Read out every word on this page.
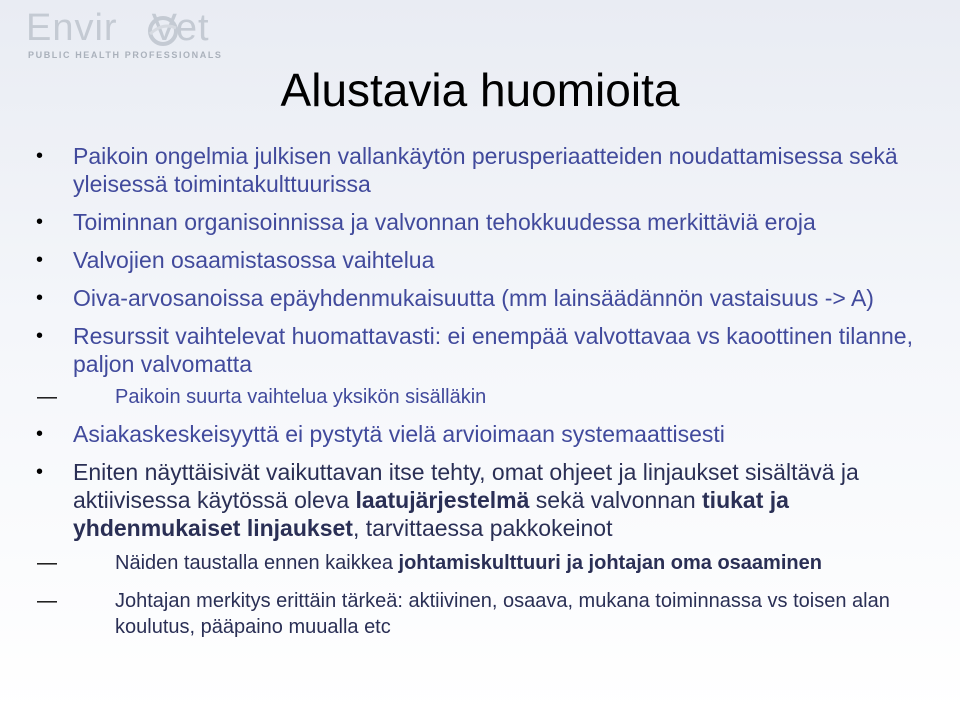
Envir Vet
PUBLIC HEALTH PROFESSIONALS
Alustavia huomioita
• Paikoin ongelmia julkisen vallankäytön perusperiaatteiden noudattamisessa sekä yleisessä toimintakulttuurissa
• Toiminnan organisoinnissa ja valvonnan tehokkuudessa merkittäviä eroja
• Valvojien osaamistasossa vaihtelua
• Oiva-arvosanoissa epäyhdenmukaisuutta (mm lainsäädännön vastaisuus -> A)
• Resurssit vaihtelevat huomattavasti: ei enempää valvottavaa vs kaoottinen tilanne, paljon valvomatta
—	Paikoin suurta vaihtelua yksikön sisälläkin
• Asiakaskeskeisyyttä ei pystytä vielä arvioimaan systemaattisesti
• Eniten näyttäisivät vaikuttavan itse tehty, omat ohjeet ja linjaukset sisältävä ja aktiivisessa käytössä oleva laatujärjestelmä sekä valvonnan tiukat ja yhdenmukaiset linjaukset, tarvittaessa pakkokeinot
—	Näiden taustalla ennen kaikkea johtamiskulttuuri ja johtajan oma osaaminen
—	Johtajan merkitys erittäin tärkeä: aktiivinen, osaava, mukana toiminnassa vs toisen alan koulutus, pääpaino muualla etc
